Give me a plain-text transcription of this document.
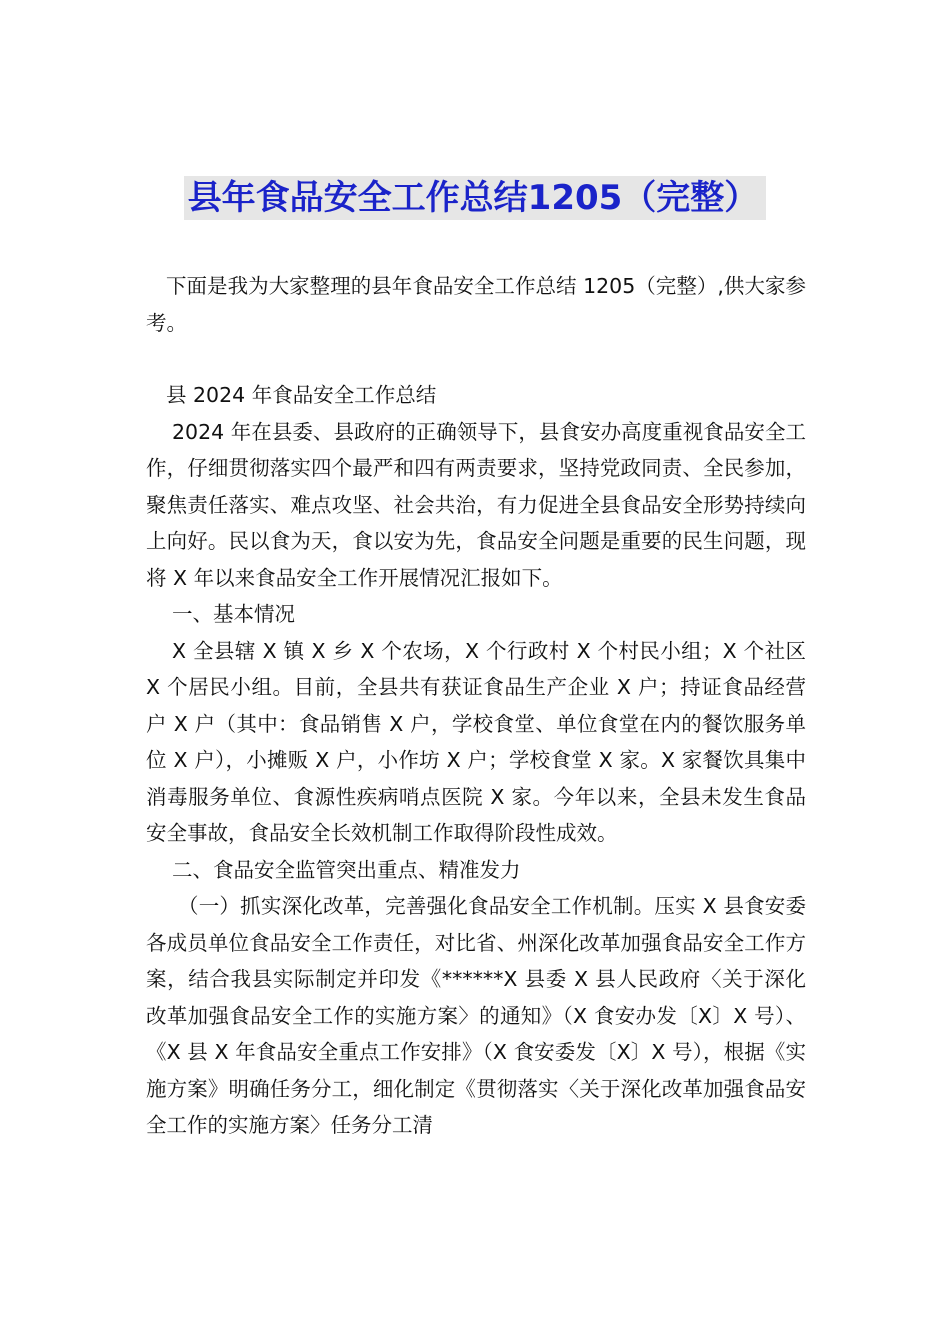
县年食品安全工作总结1205（完整）

下面是我为大家整理的县年食品安全工作总结 1205（完整）,供大家参考。

县 2024 年食品安全工作总结

2024 年在县委、县政府的正确领导下，县食安办高度重视食品安全工作，仔细贯彻落实四个最严和四有两责要求，坚持党政同责、全民参加，聚焦责任落实、难点攻坚、社会共治，有力促进全县食品安全形势持续向上向好。民以食为天，食以安为先，食品安全问题是重要的民生问题，现将 X 年以来食品安全工作开展情况汇报如下。

一、基本情况

X 全县辖 X 镇 X 乡 X 个农场，X 个行政村 X 个村民小组；X 个社区 X 个居民小组。目前，全县共有获证食品生产企业 X 户；持证食品经营户 X 户（其中：食品销售 X 户，学校食堂、单位食堂在内的餐饮服务单位 X 户），小摊贩 X 户，小作坊 X 户；学校食堂 X 家。X 家餐饮具集中消毒服务单位、食源性疾病哨点医院 X 家。今年以来，全县未发生食品安全事故，食品安全长效机制工作取得阶段性成效。

二、食品安全监管突出重点、精准发力

（一）抓实深化改革，完善强化食品安全工作机制。压实 X 县食安委各成员单位食品安全工作责任，对比省、州深化改革加强食品安全工作方案，结合我县实际制定并印发《******X 县委 X 县人民政府〈关于深化改革加强食品安全工作的实施方案〉的通知》（X 食安办发〔X〕X 号）、《X 县 X 年食品安全重点工作安排》（X 食安委发〔X〕X 号），根据《实施方案》明确任务分工，细化制定《贯彻落实〈关于深化改革加强食品安全工作的实施方案〉任务分工清
